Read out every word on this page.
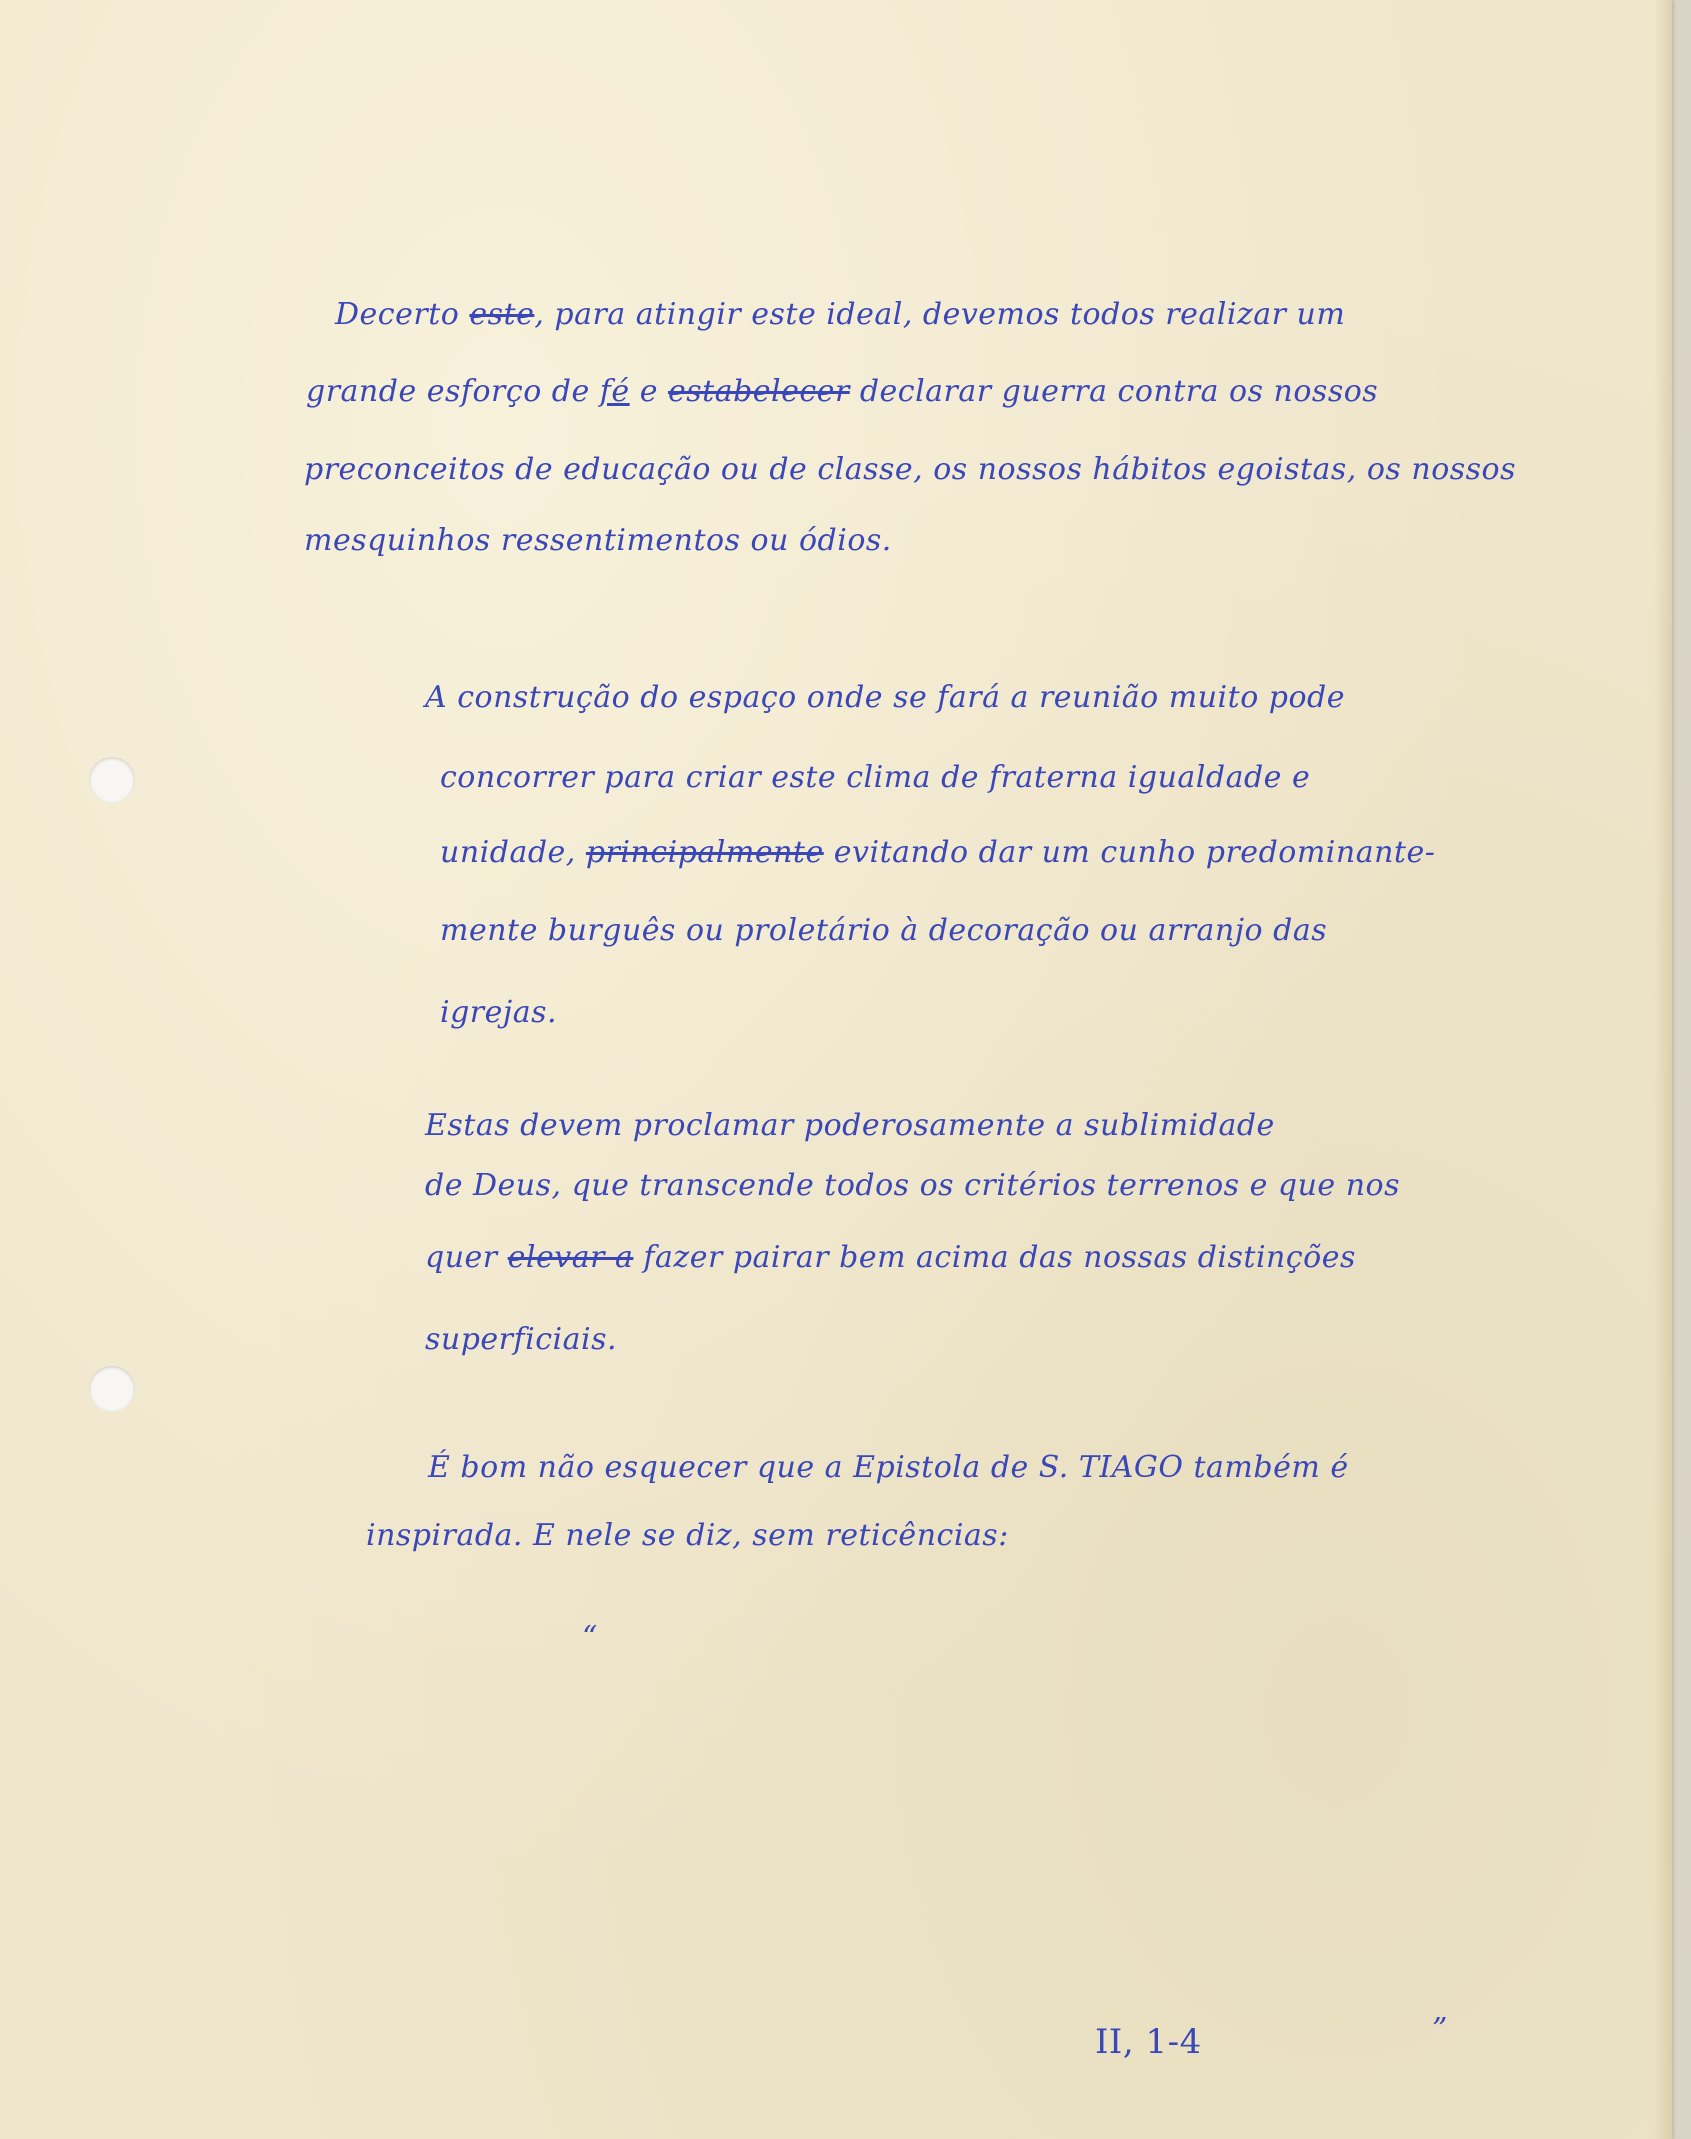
Decerto este, para atingir este ideal, devemos todos realizar um
grande esforço de fé e estabelecer declarar guerra contra os nossos
preconceitos de educação ou de classe, os nossos hábitos egoistas, os nossos
mesquinhos ressentimentos ou ódios.
A construção do espaço onde se fará a reunião muito pode
concorrer para criar este clima de fraterna igualdade e
unidade, principalmente evitando dar um cunho predominante-
mente burguês ou proletário à decoração ou arranjo das
igrejas.
Estas devem proclamar poderosamente a sublimidade
de Deus, que transcende todos os critérios terrenos e que nos
quer elevar a fazer pairar bem acima das nossas distinções
superficiais.
É bom não esquecer que a Epistola de S. TIAGO também é
inspirada. E nele se diz, sem reticências:
“
II, 1-4	”
